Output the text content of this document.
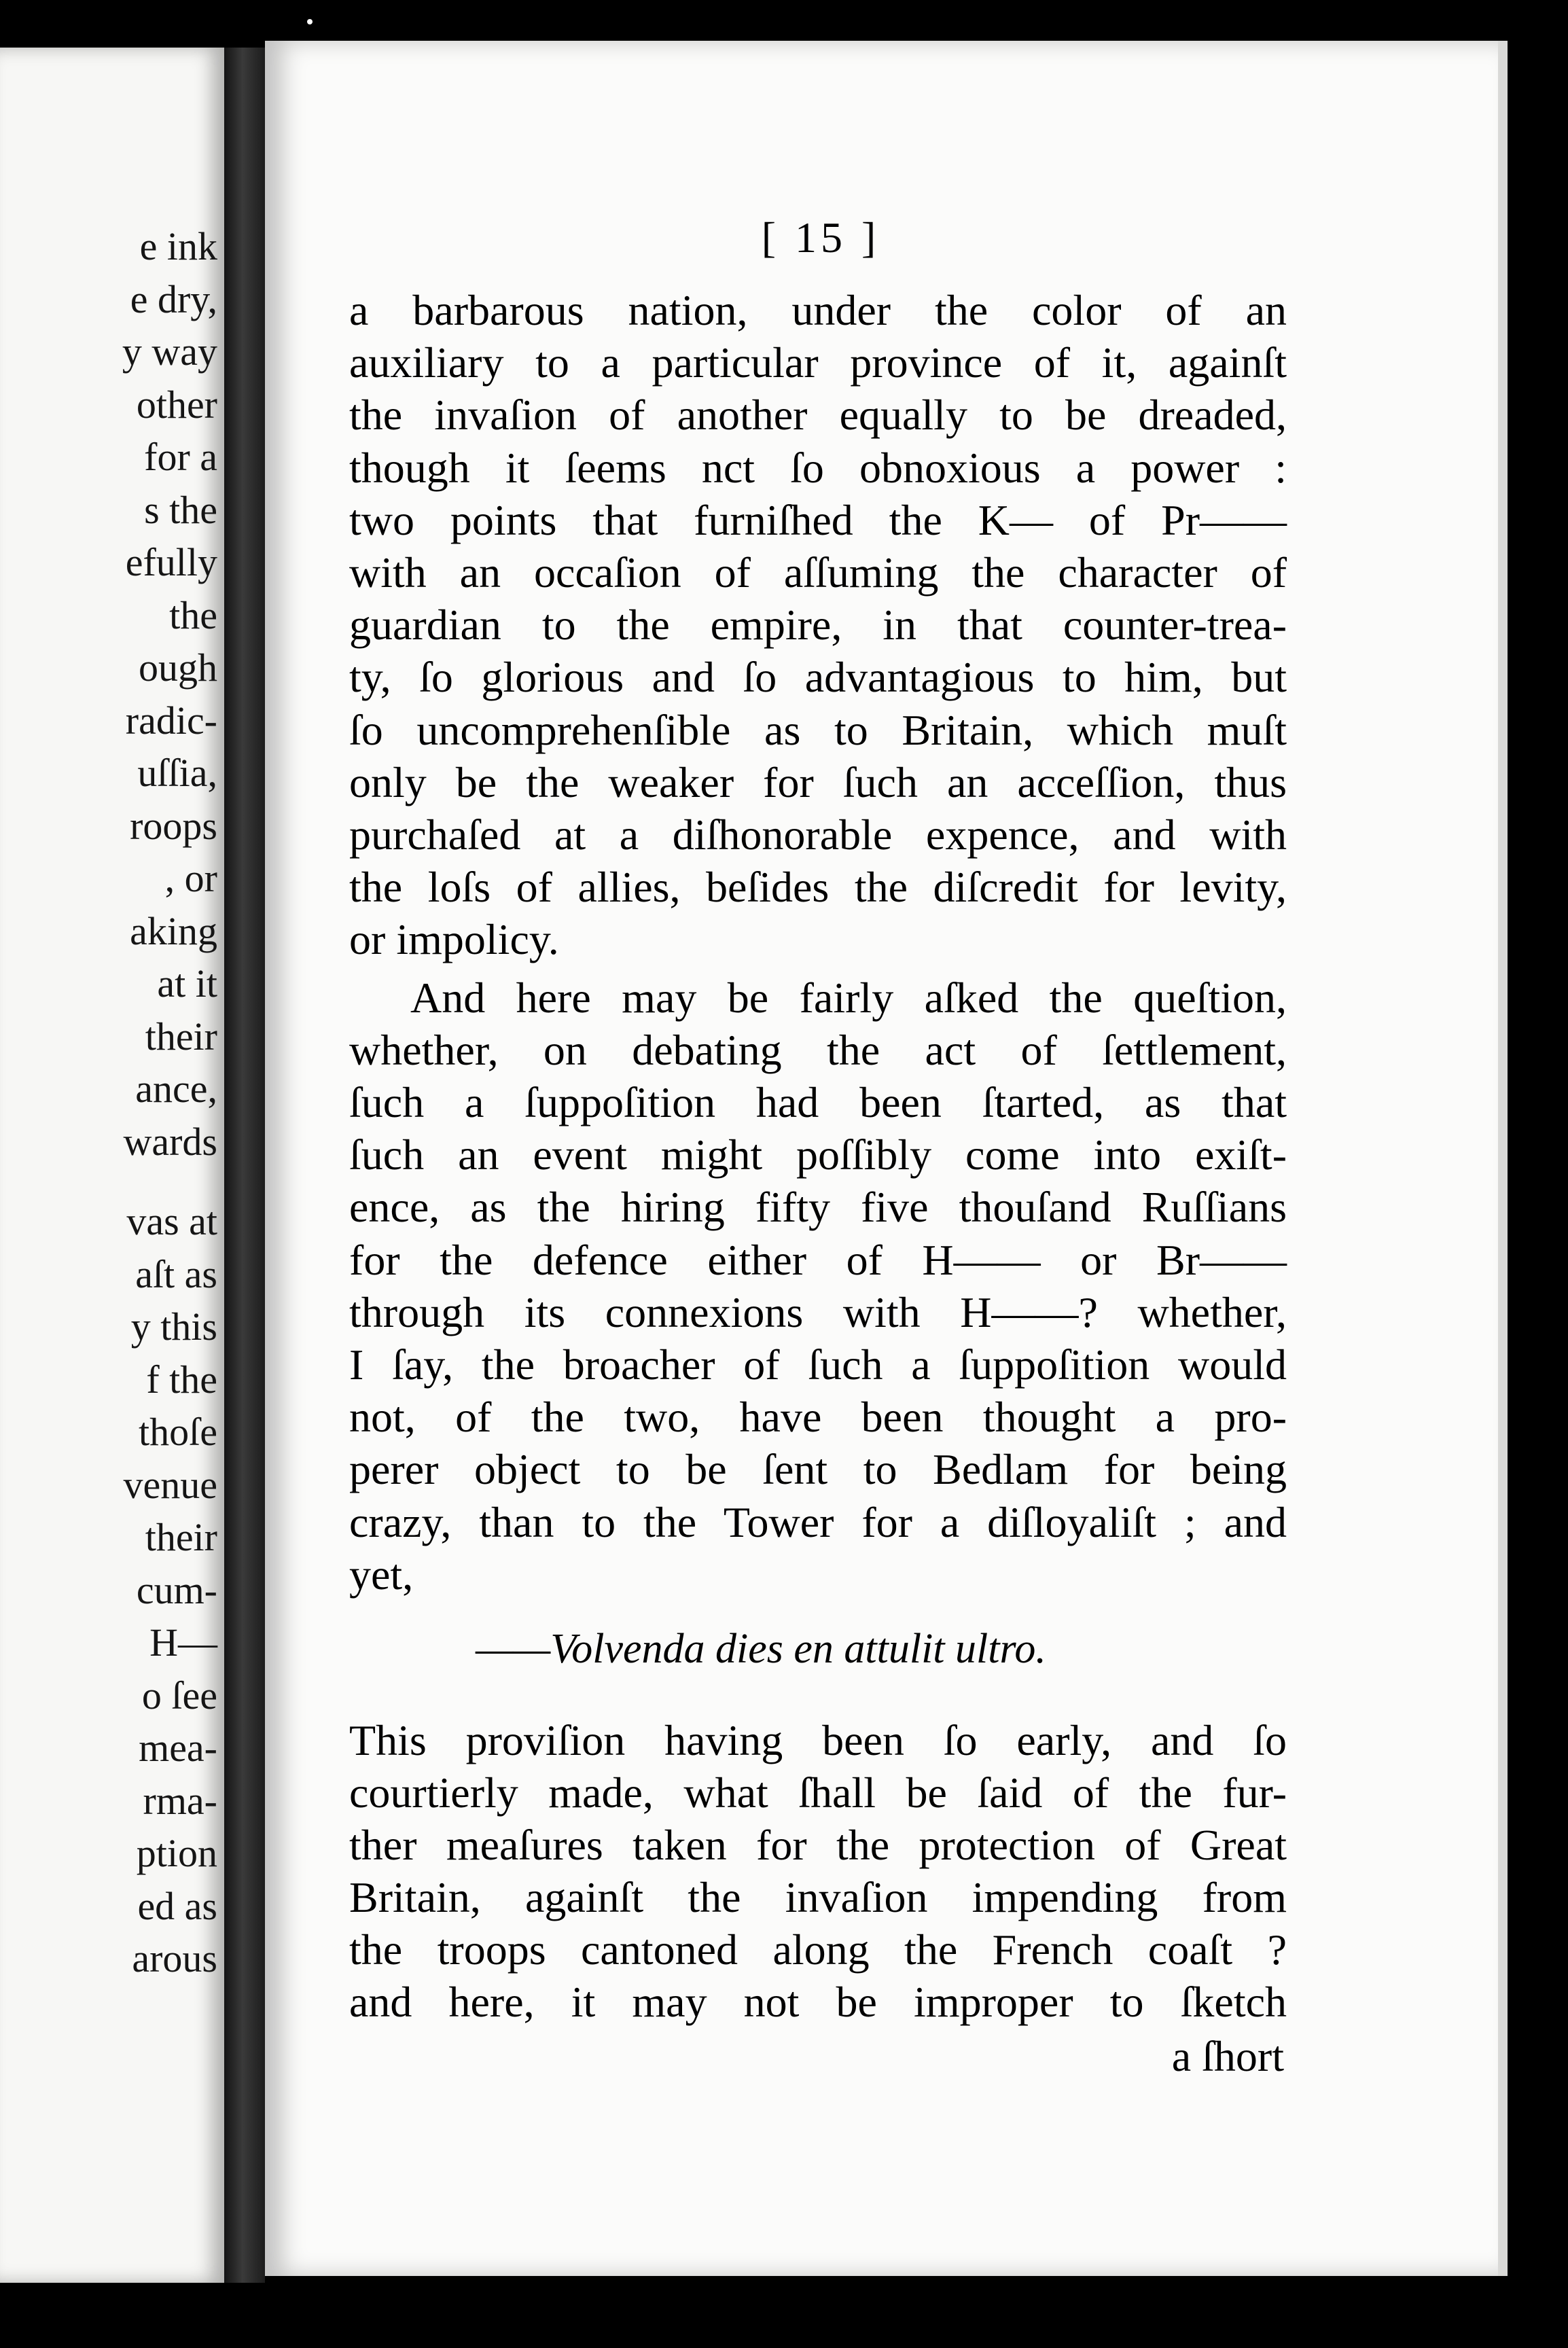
e ink
e dry,
y way
other
for a
s the
efully
the
ough
radic-
uſſia,
roops
, or
aking
at it
their
ance,
wards
vas at
aſt as
y this
f the
thoſe
venue
their
cum-
H—
o ſee
mea-
rma-
ption
ed as
arous
[ 15 ]
a barbarous nation, under the color of an
auxiliary to a particular province of it, againſt
the invaſion of another equally to be dreaded,
though it ſeems nct ſo obnoxious a power :
two points that furniſhed the K— of Pr——
with an occaſion of aſſuming the character of
guardian to the empire, in that counter-trea-
ty, ſo glorious and ſo advantagious to him, but
ſo uncomprehenſible as to Britain, which muſt
only be the weaker for ſuch an acceſſion, thus
purchaſed at a diſhonorable expence, and with
the loſs of allies, beſides the diſcredit for levity,
or impolicy.
And here may be fairly aſked the queſtion,
whether, on debating the act of ſettlement,
ſuch a ſuppoſition had been ſtarted, as that
ſuch an event might poſſibly come into exiſt-
ence, as the hiring fifty five thouſand Ruſſians
for the defence either of H—— or Br——
through its connexions with H——? whether,
I ſay, the broacher of ſuch a ſuppoſition would
not, of the two, have been thought a pro-
perer object to be ſent to Bedlam for being
crazy, than to the Tower for a diſloyaliſt ; and
yet,
——Volvenda dies en attulit ultro.
This proviſion having been ſo early, and ſo
courtierly made, what ſhall be ſaid of the fur-
ther meaſures taken for the protection of Great
Britain, againſt the invaſion impending from
the troops cantoned along the French coaſt ?
and here, it may not be improper to ſketch
a ſhort
